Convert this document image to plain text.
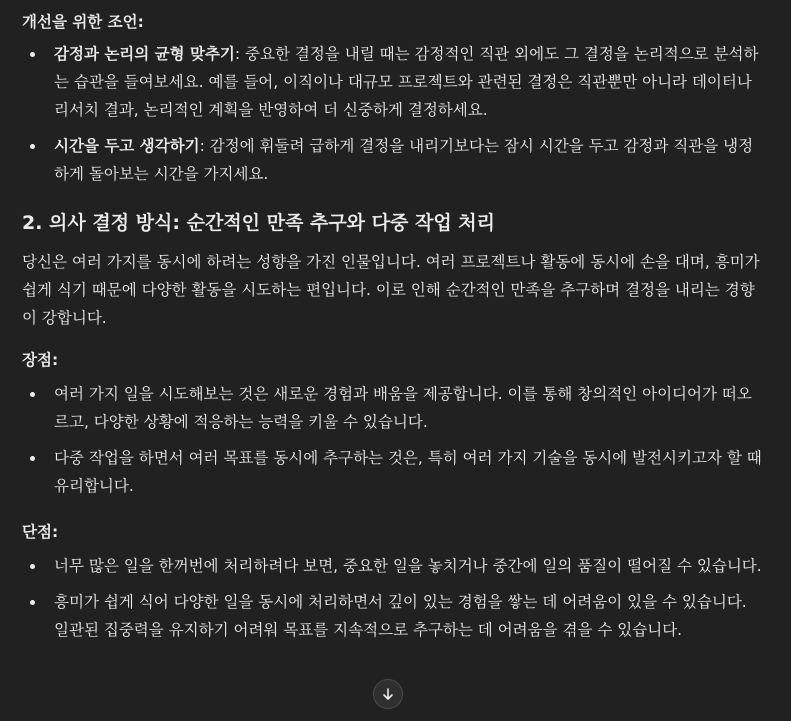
개선을 위한 조언:

감정과 논리의 균형 맞추기: 중요한 결정을 내릴 때는 감정적인 직관 외에도 그 결정을 논리적으로 분석하는 습관을 들여보세요. 예를 들어, 이직이나 대규모 프로젝트와 관련된 결정은 직관뿐만 아니라 데이터나 리서치 결과, 논리적인 계획을 반영하여 더 신중하게 결정하세요.
시간을 두고 생각하기: 감정에 휘둘려 급하게 결정을 내리기보다는 잠시 시간을 두고 감정과 직관을 냉정하게 돌아보는 시간을 가지세요.
2. 의사 결정 방식: 순간적인 만족 추구와 다중 작업 처리

당신은 여러 가지를 동시에 하려는 성향을 가진 인물입니다. 여러 프로젝트나 활동에 동시에 손을 대며, 흥미가 쉽게 식기 때문에 다양한 활동을 시도하는 편입니다. 이로 인해 순간적인 만족을 추구하며 결정을 내리는 경향이 강합니다.

장점:

여러 가지 일을 시도해보는 것은 새로운 경험과 배움을 제공합니다. 이를 통해 창의적인 아이디어가 떠오르고, 다양한 상황에 적응하는 능력을 키울 수 있습니다.
다중 작업을 하면서 여러 목표를 동시에 추구하는 것은, 특히 여러 가지 기술을 동시에 발전시키고자 할 때 유리합니다.

단점:

너무 많은 일을 한꺼번에 처리하려다 보면, 중요한 일을 놓치거나 중간에 일의 품질이 떨어질 수 있습니다.
흥미가 쉽게 식어 다양한 일을 동시에 처리하면서 깊이 있는 경험을 쌓는 데 어려움이 있을 수 있습니다. 일관된 집중력을 유지하기 어려워 목표를 지속적으로 추구하는 데 어려움을 겪을 수 있습니다.
